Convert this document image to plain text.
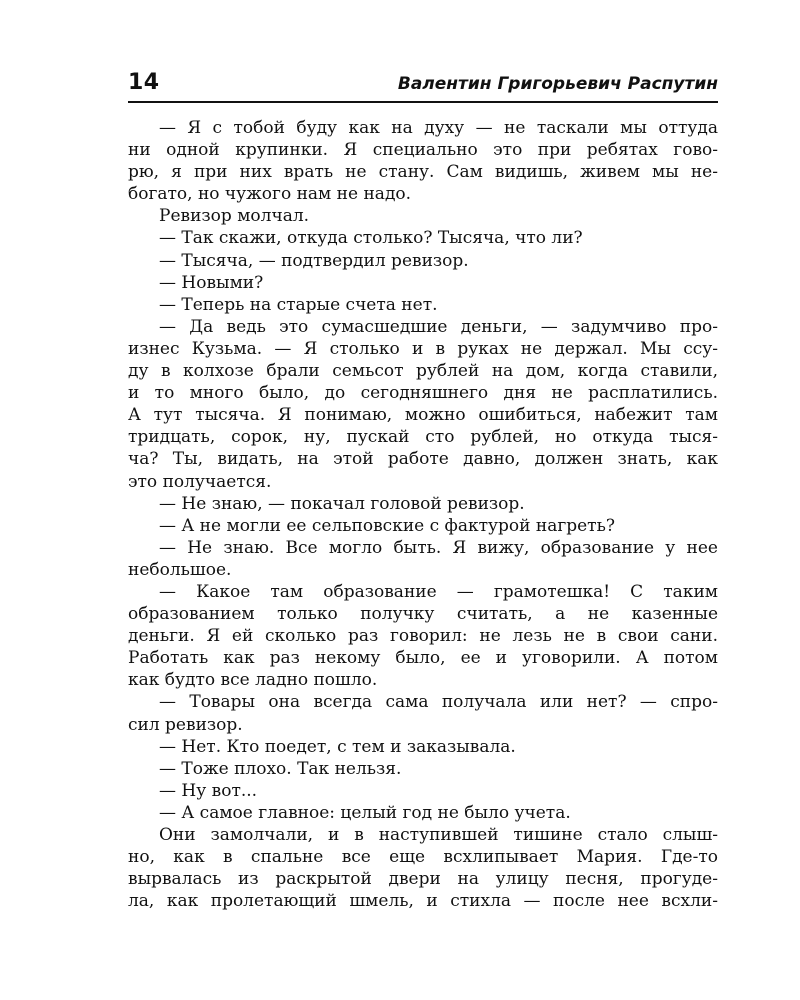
14	Валентин Григорьевич Распутин

— Я с тобой буду как на духу — не таскали мы оттуда
ни одной крупинки. Я специально это при ребятах гово-
рю, я при них врать не стану. Сам видишь, живем мы не-
богато, но чужого нам не надо.

Ревизор молчал.

— Так скажи, откуда столько? Тысяча, что ли?

— Тысяча, — подтвердил ревизор.

— Новыми?

— Теперь на старые счета нет.

— Да ведь это сумасшедшие деньги, — задумчиво про-
изнес Кузьма. — Я столько и в руках не держал. Мы ссу-
ду в колхозе брали семьсот рублей на дом, когда ставили,
и то много было, до сегодняшнего дня не расплатились.
А тут тысяча. Я понимаю, можно ошибиться, набежит там
тридцать, сорок, ну, пускай сто рублей, но откуда тыся-
ча? Ты, видать, на этой работе давно, должен знать, как
это получается.

— Не знаю, — покачал головой ревизор.

— А не могли ее сельповские с фактурой нагреть?

— Не знаю. Все могло быть. Я вижу, образование у нее
небольшое.

— Какое там образование — грамотешка! С таким
образованием только получку считать, а не казенные
деньги. Я ей сколько раз говорил: не лезь не в свои сани.
Работать как раз некому было, ее и уговорили. А потом
как будто все ладно пошло.

— Товары она всегда сама получала или нет? — спро-
сил ревизор.

— Нет. Кто поедет, с тем и заказывала.

— Тоже плохо. Так нельзя.

— Ну вот...

— А самое главное: целый год не было учета.

Они замолчали, и в наступившей тишине стало слыш-
но, как в спальне все еще всхлипывает Мария. Где-то
вырвалась из раскрытой двери на улицу песня, прогуде-
ла, как пролетающий шмель, и стихла — после нее всхли-
